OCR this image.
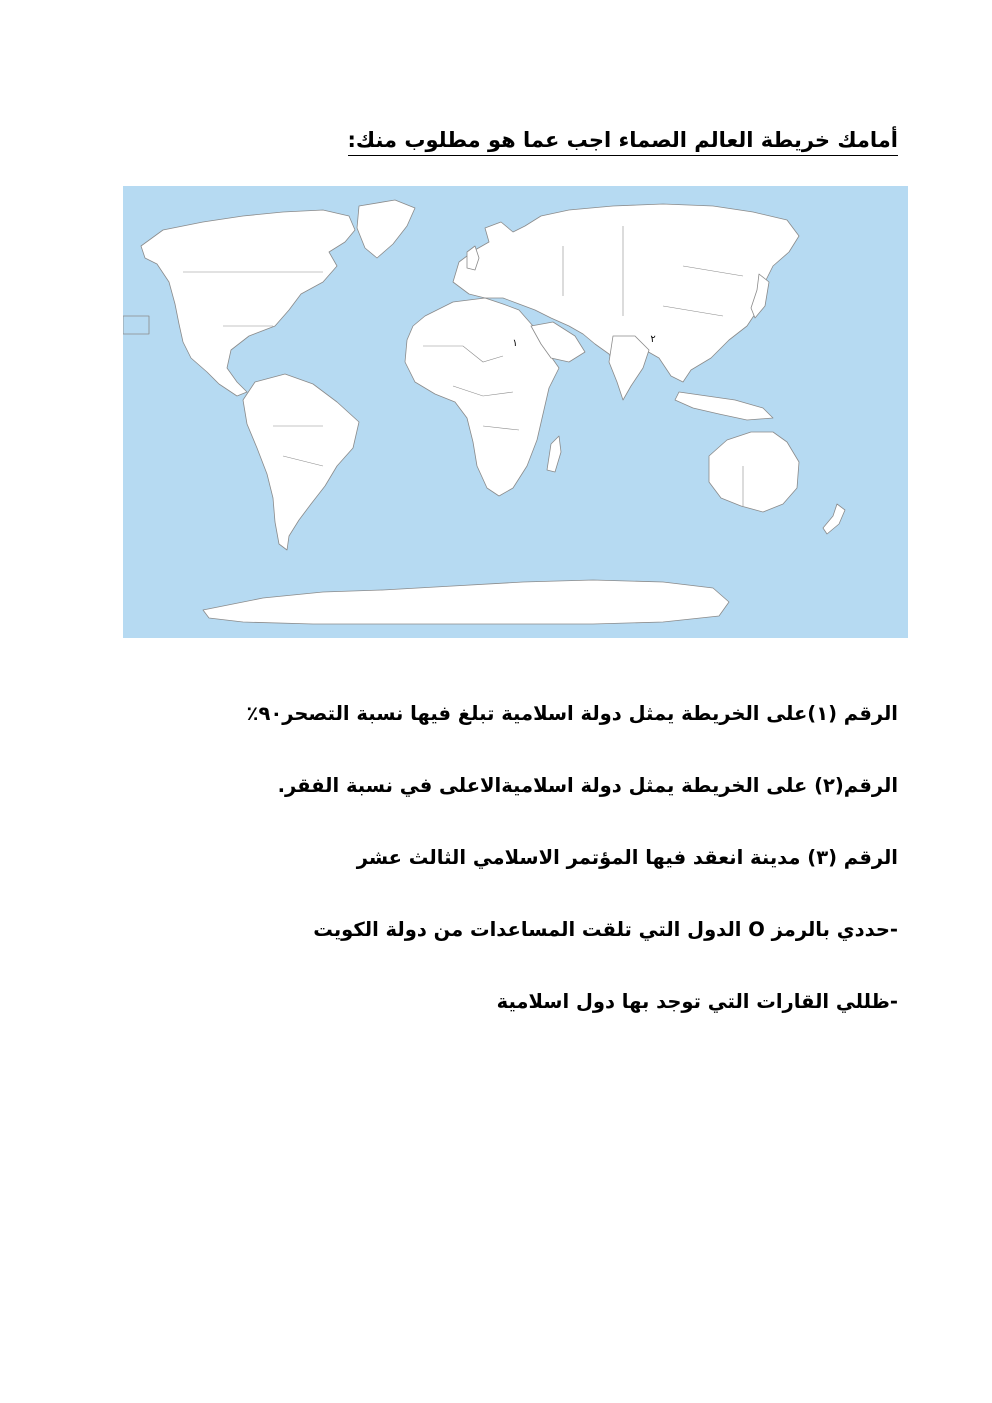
أمامك خريطة العالم الصماء اجب عما هو مطلوب منك:
١	٢
الرقم (١)على الخريطة يمثل دولة اسلامية تبلغ فيها نسبة التصحر٩٠٪
الرقم(٢) على الخريطة يمثل دولة اسلاميةالاعلى في نسبة الفقر.
الرقم (٣) مدينة انعقد فيها المؤتمر الاسلامي الثالث عشر
-حددي بالرمز O الدول التي تلقت المساعدات من دولة الكويت
-ظللي القارات التي توجد بها دول اسلامية
